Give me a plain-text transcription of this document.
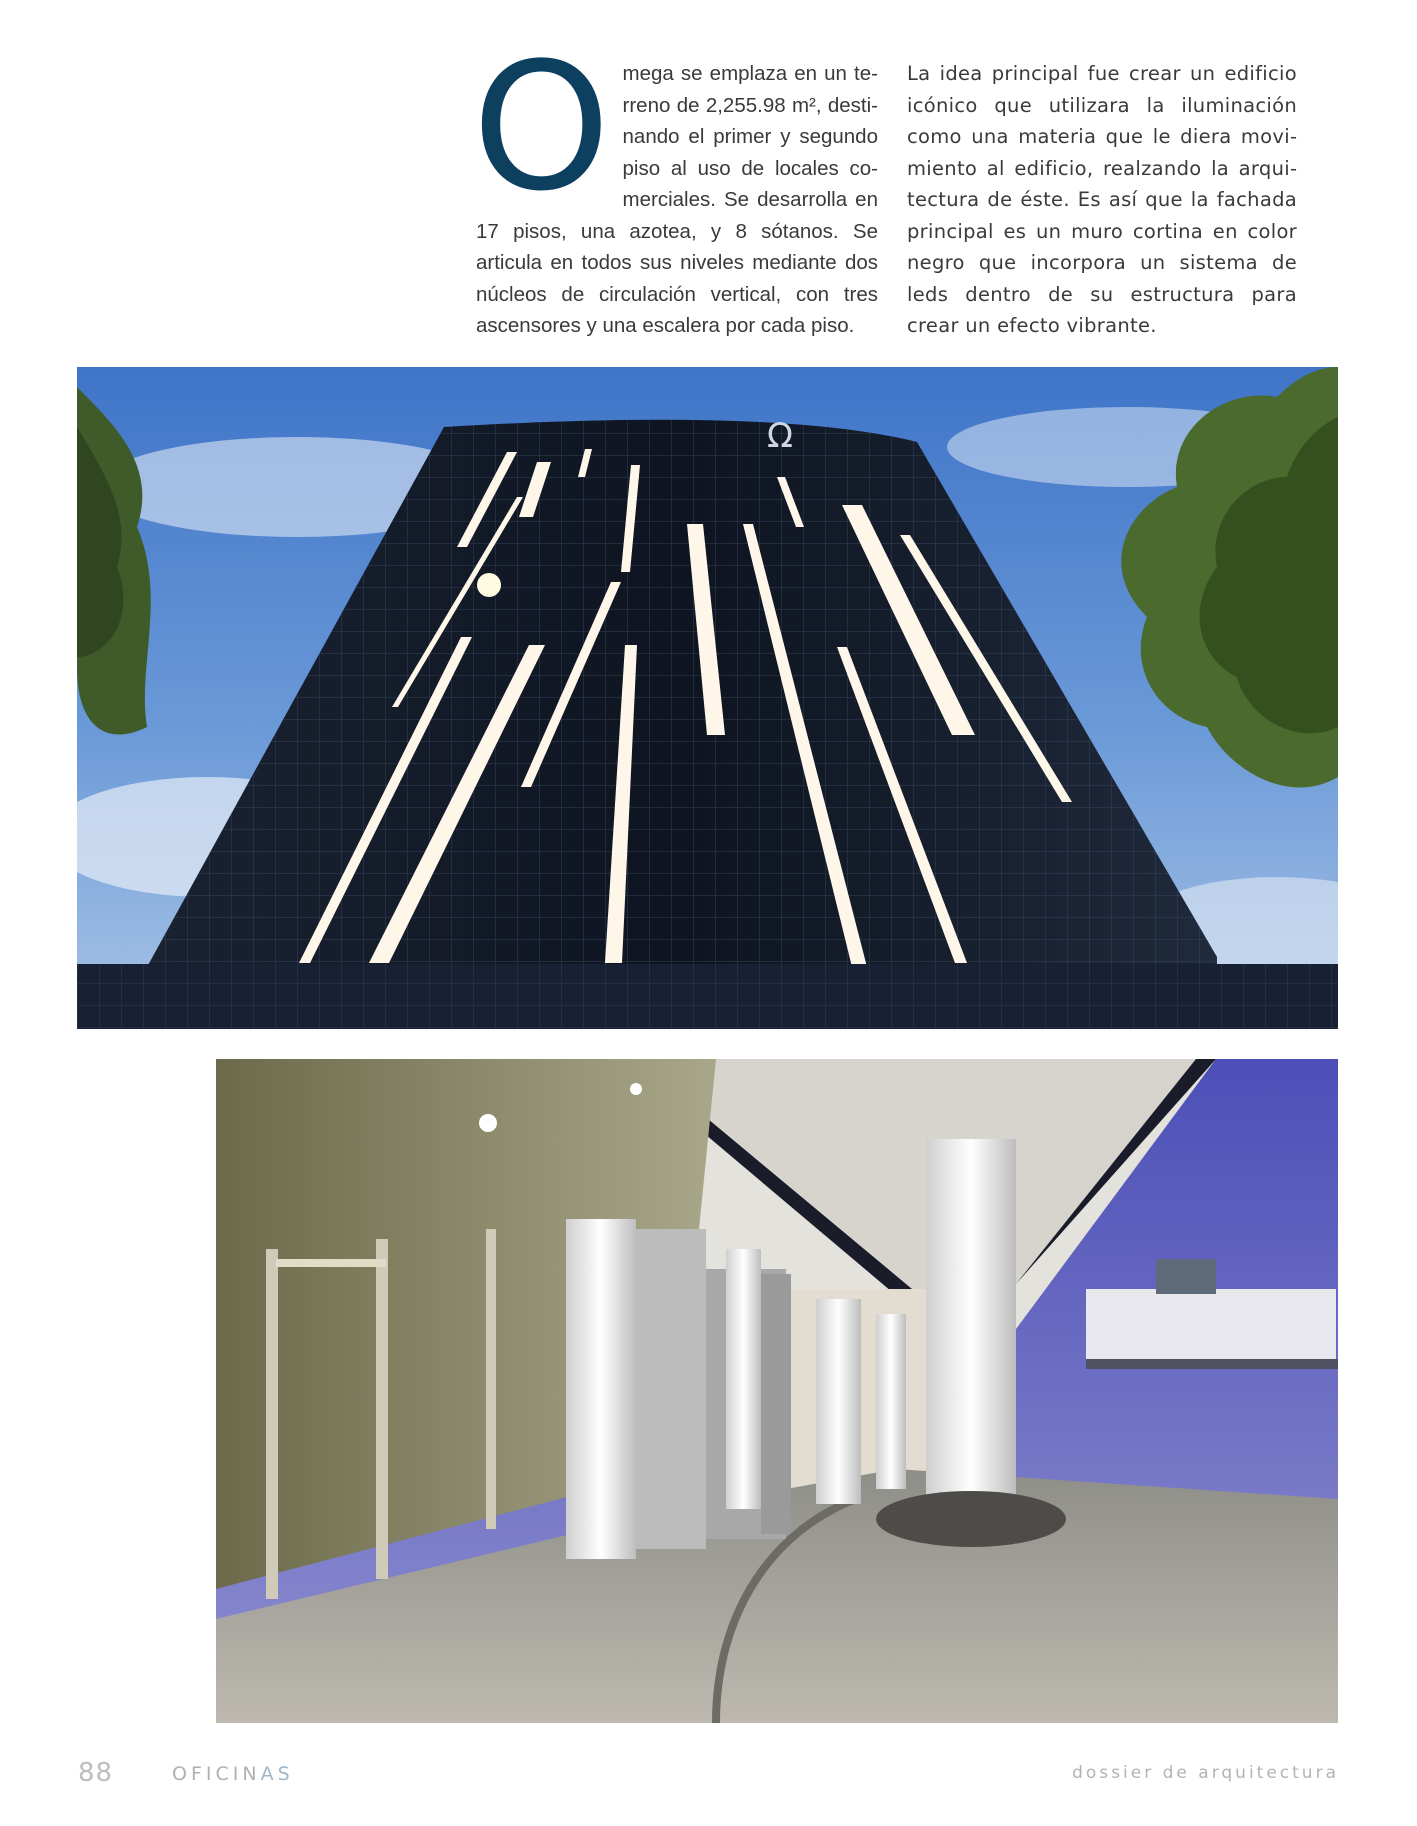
O mega se emplaza en un terreno de 2,255.98 m², destinando el primer y segundo piso al uso de locales comerciales. Se desarrolla en 17 pisos, una azotea, y 8 sótanos. Se articula en todos sus niveles mediante dos núcleos de circulación vertical, con tres ascensores y una escalera por cada piso.
La idea principal fue crear un edificio icónico que utilizara la iluminación como una materia que le diera movimiento al edificio, realzando la arquitectura de éste. Es así que la fachada principal es un muro cortina en color negro que incorpora un sistema de leds dentro de su estructura para crear un efecto vibrante.
Ω
88	OFICINAS	dossier de arquitectura
